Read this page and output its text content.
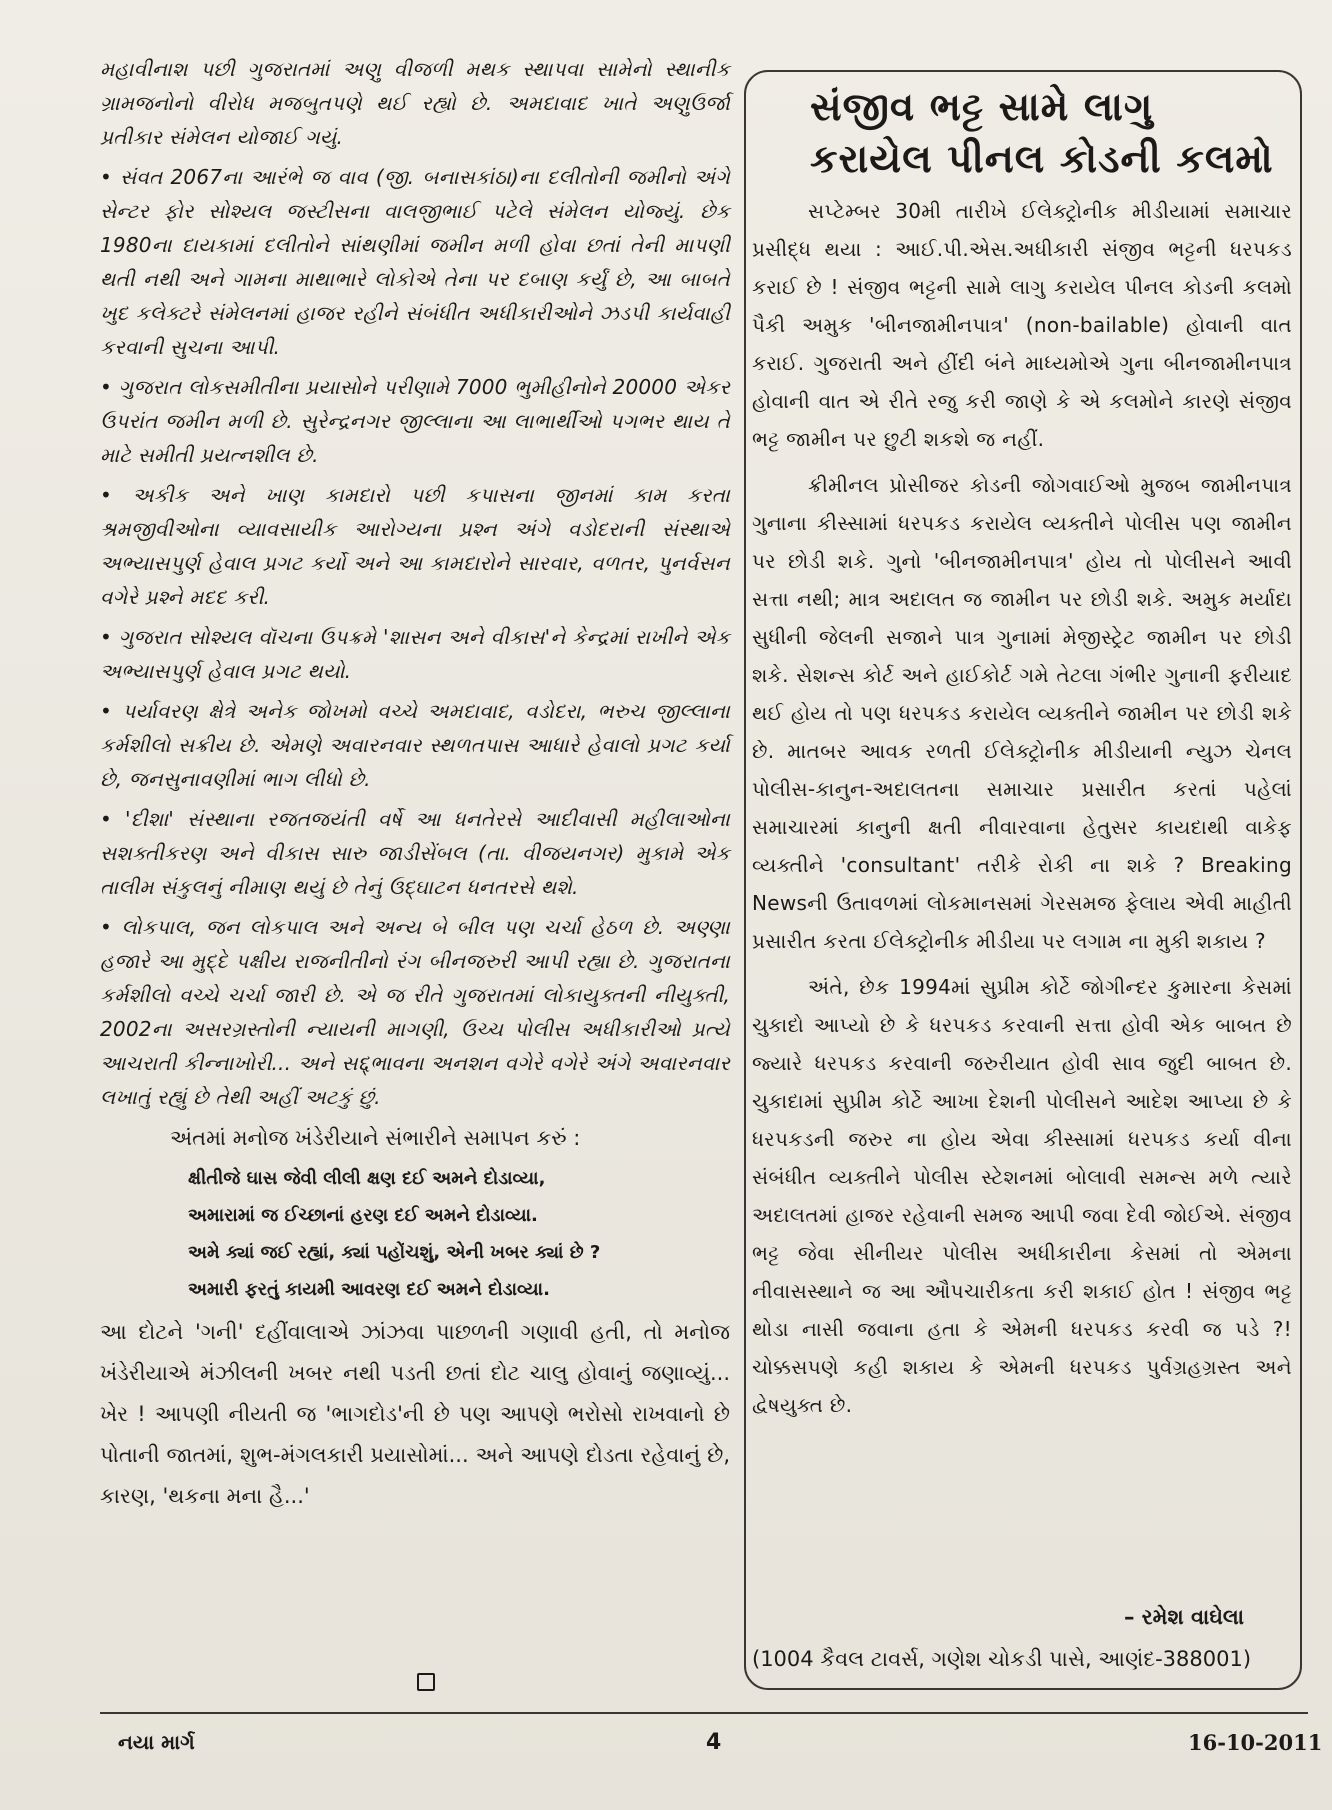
મહાવીનાશ પછી ગુજરાતમાં અણુ વીજળી મથક સ્થાપવા સામેનો સ્થાનીક ગ્રામજનોનો વીરોધ મજબુતપણે થઈ રહ્યો છે. અમદાવાદ ખાતે અણુઉર્જા પ્રતીકાર સંમેલન યોજાઈ ગયું.

• સંવત 2067ના આરંભે જ વાવ (જી. બનાસકાંઠા)ના દલીતોની જમીનો અંગે સેન્ટર ફોર સોશ્યલ જસ્ટીસના વાલજીભાઈ પટેલે સંમેલન યોજ્યું. છેક 1980ના દાયકામાં દલીતોને સાંથણીમાં જમીન મળી હોવા છતાં તેની માપણી થતી નથી અને ગામના માથાભારે લોકોએ તેના પર દબાણ કર્યું છે, આ બાબતે ખુદ કલેક્ટરે સંમેલનમાં હાજર રહીને સંબંધીત અધીકારીઓને ઝડપી કાર્યવાહી કરવાની સુચના આપી.

• ગુજરાત લોકસમીતીના પ્રયાસોને પરીણામે 7000 ભુમીહીનોને 20000 એકર ઉપરાંત જમીન મળી છે. સુરેન્દ્રનગર જીલ્લાના આ લાભાર્થીઓ પગભર થાય તે માટે સમીતી પ્રયત્નશીલ છે.

• અકીક અને ખાણ કામદારો પછી કપાસના જીનમાં કામ કરતા શ્રમજીવીઓના વ્યાવસાયીક આરોગ્યના પ્રશ્ન અંગે વડોદરાની સંસ્થાએ અભ્યાસપુર્ણ હેવાલ પ્રગટ કર્યો અને આ કામદારોને સારવાર, વળતર, પુનર્વસન વગેરે પ્રશ્ને મદદ કરી.

• ગુજરાત સોશ્યલ વૉચના ઉપક્રમે 'શાસન અને વીકાસ'ને કેન્દ્રમાં રાખીને એક અભ્યાસપુર્ણ હેવાલ પ્રગટ થયો.

• પર્યાવરણ ક્ષેત્રે અનેક જોખમો વચ્ચે અમદાવાદ, વડોદરા, ભરુચ જીલ્લાના કર્મશીલો સક્રીય છે. એમણે અવારનવાર સ્થળતપાસ આધારે હેવાલો પ્રગટ કર્યા છે, જનસુનાવણીમાં ભાગ લીધો છે.

• 'દીશા' સંસ્થાના રજતજયંતી વર્ષે આ ધનતેરસે આદીવાસી મહીલાઓના સશક્તીકરણ અને વીકાસ સારુ જાડીસેંબલ (તા. વીજયનગર) મુકામે એક તાલીમ સંકુલનું નીમાણ થયું છે તેનું ઉદ્ઘાટન ધનતરસે થશે.

• લોકપાલ, જન લોકપાલ અને અન્ય બે બીલ પણ ચર્ચા હેઠળ છે. અણ્ણા હજારે આ મુદ્દે પક્ષીય રાજનીતીનો રંગ બીનજરુરી આપી રહ્યા છે. ગુજરાતના કર્મશીલો વચ્ચે ચર્ચા જારી છે. એ જ રીતે ગુજરાતમાં લોકાયુક્તની નીયુક્તી, 2002ના અસરગ્રસ્તોની ન્યાયની માગણી, ઉચ્ચ પોલીસ અધીકારીઓ પ્રત્યે આચરાતી કીન્નાખોરી... અને સદ્દ્ભાવના અનશન વગેરે વગેરે અંગે અવારનવાર લખાતું રહ્યું છે તેથી અહીં અટકું છું.

અંતમાં મનોજ ખંડેરીયાને સંભારીને સમાપન કરું :
ક્ષીતીજે ઘાસ જેવી લીલી ક્ષણ દઈ અમને દોડાવ્યા,
અમારામાં જ ઈચ્છાનાં હરણ દઈ અમને દોડાવ્યા.
અમે ક્યાં જઈ રહ્યાં, ક્યાં પહોંચશું, એની ખબર ક્યાં છે ?
અમારી ફરતું કાયમી આવરણ દઈ અમને દોડાવ્યા.

આ દોટને 'ગની' દહીંવાલાએ ઝાંઝવા પાછળની ગણાવી હતી, તો મનોજ ખંડેરીયાએ મંઝીલની ખબર નથી પડતી છતાં દોટ ચાલુ હોવાનું જણાવ્યું... ખેર ! આપણી નીયતી જ 'ભાગદોડ'ની છે પણ આપણે ભરોસો રાખવાનો છે પોતાની જાતમાં, શુભ-મંગલકારી પ્રયાસોમાં... અને આપણે દોડતા રહેવાનું છે, કારણ, 'થકના મના હૈ...'

સંજીવ ભટ્ટ સામે લાગુ કરાયેલ પીનલ કોડની કલમો

સપ્ટેમ્બર 30મી તારીખે ઈલેક્ટ્રોનીક મીડીયામાં સમાચાર પ્રસીદ્ધ થયા : આઈ.પી.એસ.અધીકારી સંજીવ ભટ્ટની ધરપકડ કરાઈ છે ! સંજીવ ભટ્ટની સામે લાગુ કરાયેલ પીનલ કોડની કલમો પૈકી અમુક 'બીનજામીનપાત્ર' (non-bailable) હોવાની વાત કરાઈ. ગુજરાતી અને હીંદી બંને માધ્યમોએ ગુના બીનજામીનપાત્ર હોવાની વાત એ રીતે રજુ કરી જાણે કે એ કલમોને કારણે સંજીવ ભટ્ટ જામીન પર છુટી શકશે જ નહીં.

ક્રીમીનલ પ્રોસીજર કોડની જોગવાઈઓ મુજબ જામીનપાત્ર ગુનાના કીસ્સામાં ધરપકડ કરાયેલ વ્યક્તીને પોલીસ પણ જામીન પર છોડી શકે. ગુનો 'બીનજામીનપાત્ર' હોય તો પોલીસને આવી સત્તા નથી; માત્ર અદાલત જ જામીન પર છોડી શકે. અમુક મર્યાદા સુધીની જેલની સજાને પાત્ર ગુનામાં મેજીસ્ટ્રેટ જામીન પર છોડી શકે. સેશન્સ કોર્ટ અને હાઈકોર્ટ ગમે તેટલા ગંભીર ગુનાની ફરીયાદ થઈ હોય તો પણ ધરપકડ કરાયેલ વ્યક્તીને જામીન પર છોડી શકે છે. માતબર આવક રળતી ઈલેક્ટ્રોનીક મીડીયાની ન્યુઝ ચેનલ પોલીસ-કાનુન-અદાલતના સમાચાર પ્રસારીત કરતાં પહેલાં સમાચારમાં કાનુની ક્ષતી નીવારવાના હેતુસર કાયદાથી વાકેફ વ્યક્તીને 'consultant' તરીકે રોકી ના શકે ? Breaking Newsની ઉતાવળમાં લોકમાનસમાં ગેરસમજ ફેલાય એવી માહીતી પ્રસારીત કરતા ઈલેક્ટ્રોનીક મીડીયા પર લગામ ના મુકી શકાય ?

અંતે, છેક 1994માં સુપ્રીમ કોર્ટે જોગીન્દર કુમારના કેસમાં ચુકાદો આપ્યો છે કે ધરપકડ કરવાની સત્તા હોવી એક બાબત છે જ્યારે ધરપકડ કરવાની જરુરીયાત હોવી સાવ જુદી બાબત છે. ચુકાદામાં સુપ્રીમ કોર્ટે આખા દેશની પોલીસને આદેશ આપ્યા છે કે ધરપકડની જરુર ના હોય એવા કીસ્સામાં ધરપકડ કર્યા વીના સંબંધીત વ્યક્તીને પોલીસ સ્ટેશનમાં બોલાવી સમન્સ મળે ત્યારે અદાલતમાં હાજર રહેવાની સમજ આપી જવા દેવી જોઈએ. સંજીવ ભટ્ટ જેવા સીનીયર પોલીસ અધીકારીના કેસમાં તો એમના નીવાસસ્થાને જ આ ઔપચારીકતા કરી શકાઈ હોત ! સંજીવ ભટ્ટ થોડા નાસી જવાના હતા કે એમની ધરપકડ કરવી જ પડે ?! ચોક્કસપણે કહી શકાય કે એમની ધરપકડ પુર્વગ્રહગ્રસ્ત અને દ્વેષયુક્ત છે.

– રમેશ વાઘેલા
(1004 કૈવલ ટાવર્સ, ગણેશ ચોકડી પાસે, આણંદ-388001)
નયા માર્ગ	4	16-10-2011
